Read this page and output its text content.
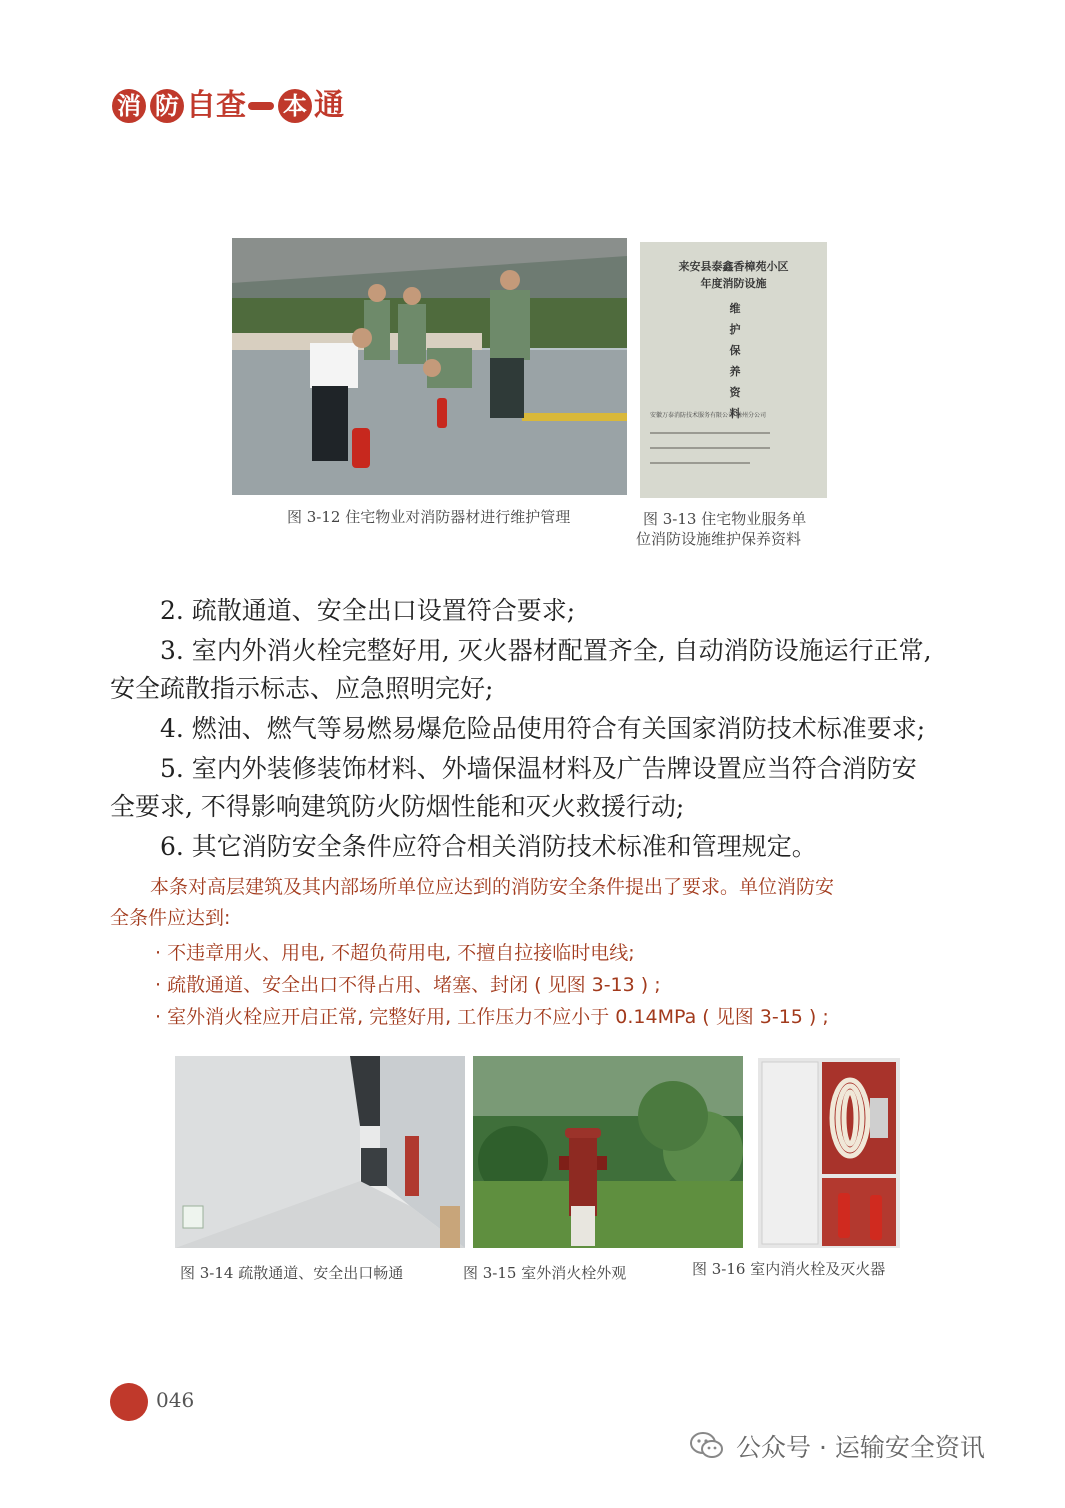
消 防 自 查 本 通
来安县泰鑫香樟苑小区
年度消防设施
维
护
保
养
资
料
安徽万泰消防技术服务有限公司 滁州分公司
图 3-12 住宅物业对消防器材进行维护管理	图 3-13 住宅物业服务单
位消防设施维护保养资料
2. 疏散通道、安全出口设置符合要求;
3. 室内外消火栓完整好用, 灭火器材配置齐全, 自动消防设施运行正常,
安全疏散指示标志、应急照明完好;
4. 燃油、燃气等易燃易爆危险品使用符合有关国家消防技术标准要求;
5. 室内外装修装饰材料、外墙保温材料及广告牌设置应当符合消防安
全要求, 不得影响建筑防火防烟性能和灭火救援行动;
6. 其它消防安全条件应符合相关消防技术标准和管理规定。
本条对高层建筑及其内部场所单位应达到的消防安全条件提出了要求。单位消防安
全条件应达到:
· 不违章用火、用电, 不超负荷用电, 不擅自拉接临时电线;
· 疏散通道、安全出口不得占用、堵塞、封闭 ( 见图 3-13 ) ;
· 室外消火栓应开启正常, 完整好用, 工作压力不应小于 0.14MPa ( 见图 3-15 ) ;
图 3-14 疏散通道、安全出口畅通	图 3-15 室外消火栓外观	图 3-16 室内消火栓及灭火器
046
公众号 · 运输安全资讯
